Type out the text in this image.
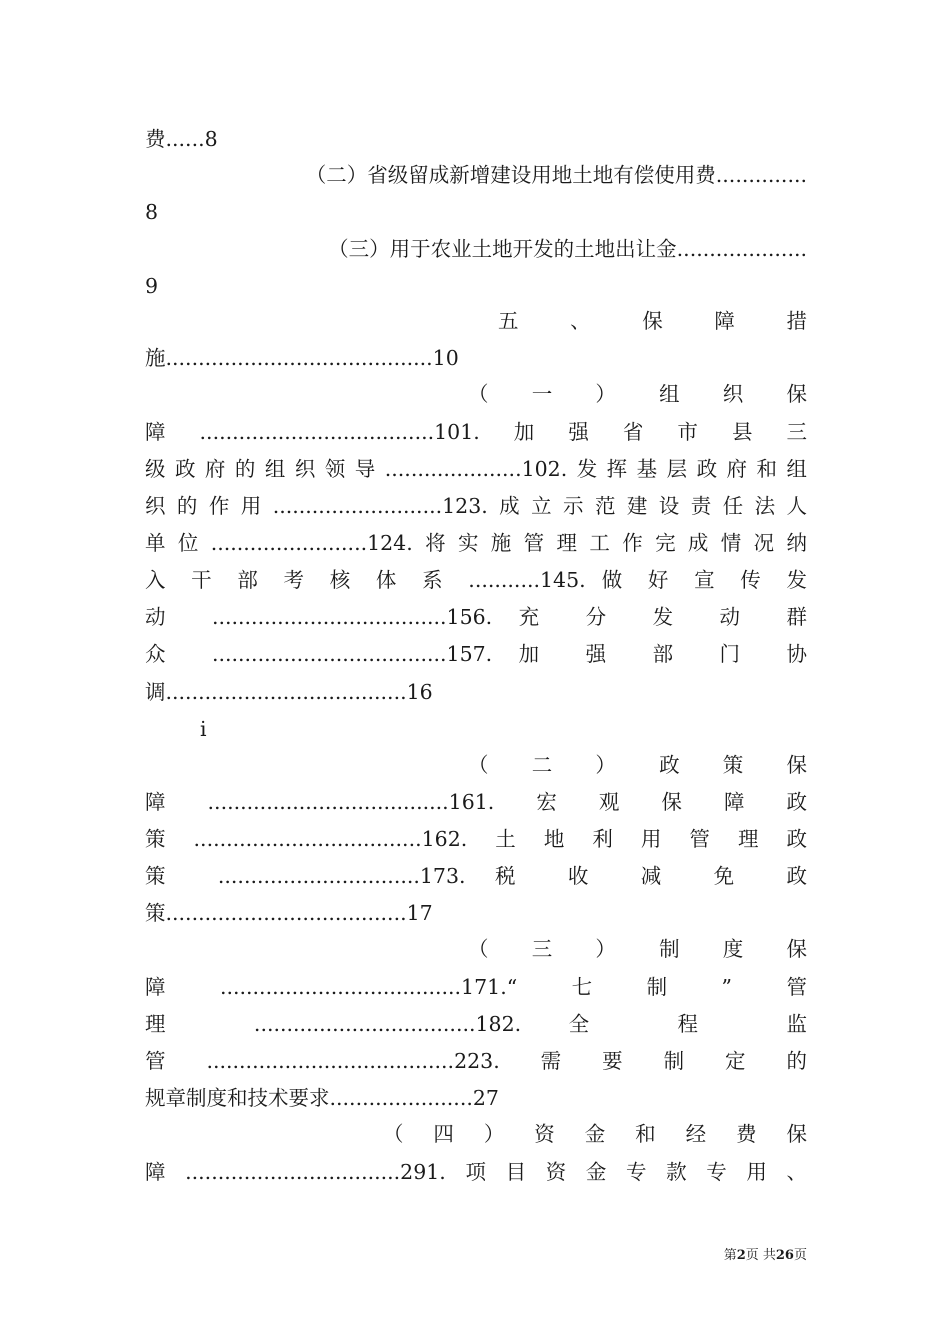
费......8
（二）省级留成新增建设用地土地有偿使用费..............
8
（三）用于农业土地开发的土地出让金....................
9
五 、 保 障 措
施.........................................10
（ 一 ） 组 织 保
障....................................101.加强省市县三
级政府的组织领导.....................102.发挥基层政府和组
织的作用..........................123.成立示范建设责任法人
单位........................124.将实施管理工作完成情况纳
入 干 部 考 核 体 系 ...........145. 做 好 宣 传 发
动 ....................................156. 充 分 发 动 群
众 ....................................157. 加 强 部 门 协
调.....................................16
i
（ 二 ） 政 策 保
障.....................................161.宏观保障政
策...................................162.土地利用管理政
策 ...............................173. 税 收 减 免 政
策.....................................17
（ 三 ） 制 度 保
障.....................................171.“七制”管
理 ..................................182. 全 程 监
管......................................223.需要制定的
规章制度和技术要求......................27
（ 四 ） 资 金 和 经 费 保
障.................................291.项目资金专款专用、
第2页 共26页
